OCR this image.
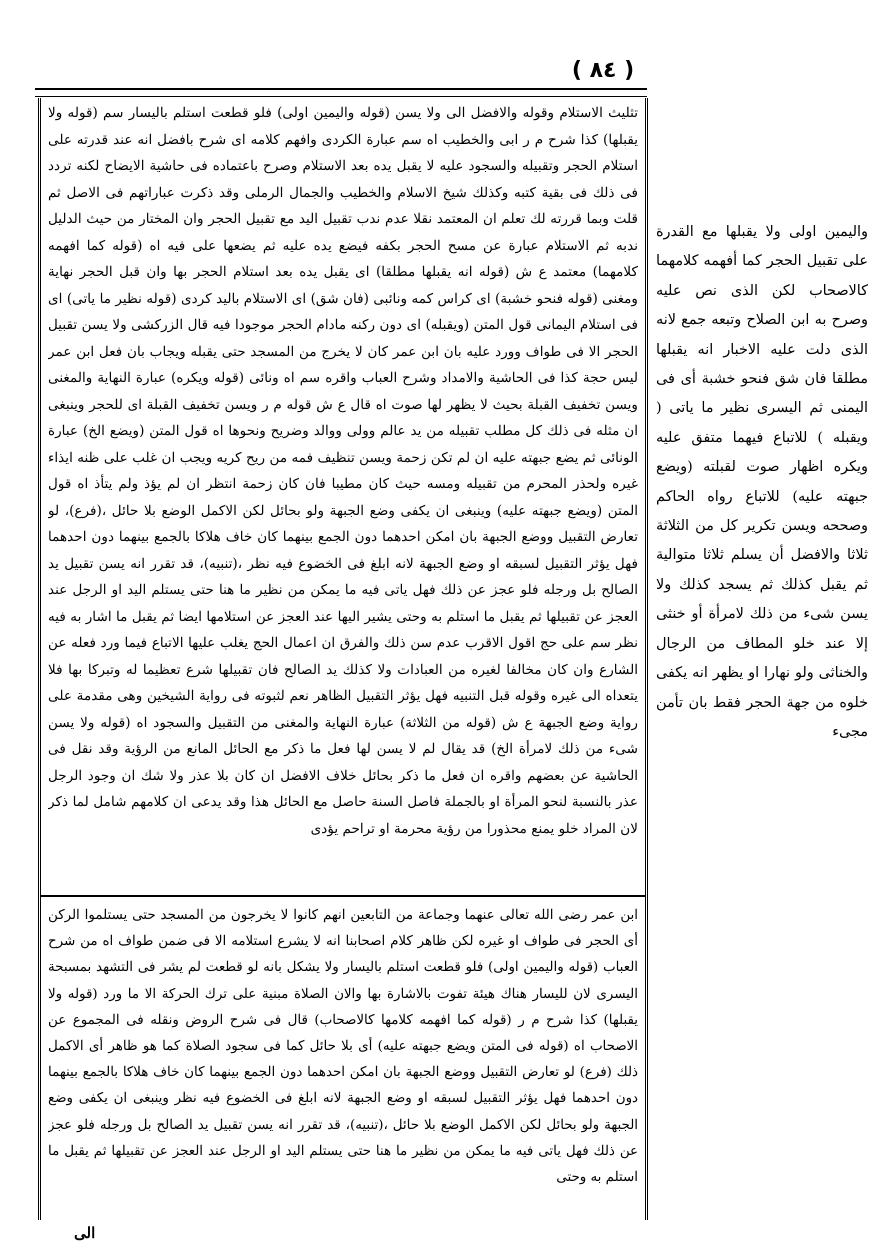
( ٨٤ )
تثليث الاستلام وقوله والافضل الى ولا يسن (قوله واليمين اولى) فلو قطعت استلم باليسار سم (قوله ولا يقبلها) كذا شرح م ر ابى والخطيب اه سم عبارة الكردى وافهم كلامه اى شرح بافضل انه عند قدرته على استلام الحجر وتقبيله والسجود عليه لا يقبل يده بعد الاستلام وصرح باعتماده فى حاشية الايضاح لكنه تردد فى ذلك فى بقية كتبه وكذلك شيخ الاسلام والخطيب والجمال الرملى وقد ذكرت عباراتهم فى الاصل ثم قلت وبما قررته لك تعلم ان المعتمد نقلا عدم ندب تقبيل اليد مع تقبيل الحجر وان المختار من حيث الدليل ندبه ثم الاستلام عبارة عن مسح الحجر بكفه فيضع يده عليه ثم يضعها على فيه اه (قوله كما افهمه كلامهما) معتمد ع ش (قوله انه يقبلها مطلقا) اى يقبل يده بعد استلام الحجر بها وان قبل الحجر نهاية ومغنى (قوله فنحو خشبة) اى كراس كمه ونائبى (فان شق) اى الاستلام باليد كردى (قوله نظير ما ياتى) اى فى استلام اليمانى قول المتن (ويقبله) اى دون ركنه مادام الحجر موجودا فيه قال الزركشى ولا يسن تقبيل الحجر الا فى طواف وورد عليه بان ابن عمر كان لا يخرج من المسجد حتى يقبله ويجاب بان فعل ابن عمر ليس حجة كذا فى الحاشية والامداد وشرح العباب واقره سم اه ونائى (قوله ويكره) عبارة النهاية والمغنى ويسن تخفيف القبلة بحيث لا يظهر لها صوت اه قال ع ش قوله م ر ويسن تخفيف القبلة اى للحجر وينبغى ان مثله فى ذلك كل مطلب تقبيله من يد عالم وولى ووالد وضريح ونحوها اه قول المتن (ويضع الخ) عبارة الونائى ثم يضع جبهته عليه ان لم تكن زحمة ويسن تنظيف فمه من ريح كريه ويجب ان غلب على ظنه ايذاء غيره ولحذر المحرم من تقبيله ومسه حيث كان مطيبا فان كان زحمة انتظر ان لم يؤذ ولم يتأذ اه قول المتن (ويضع جبهته عليه) وينبغى ان يكفى وضع الجبهة ولو بحائل لكن الاكمل الوضع بلا حائل ،(فرع)، لو تعارض التقبيل ووضع الجبهة بان امكن احدهما دون الجمع بينهما كان خاف هلاكا بالجمع بينهما دون احدهما فهل يؤثر التقبيل لسبقه او وضع الجبهة لانه ابلغ فى الخضوع فيه نظر ،(تنبيه)، قد تقرر انه يسن تقبيل يد الصالح بل ورجله فلو عجز عن ذلك فهل ياتى فيه ما يمكن من نظير ما هنا حتى يستلم اليد او الرجل عند العجز عن تقبيلها ثم يقبل ما استلم به وحتى يشير اليها عند العجز عن استلامها ايضا ثم يقبل ما اشار به فيه نظر سم على حج اقول الاقرب عدم سن ذلك والفرق ان اعمال الحج يغلب عليها الاتباع فيما ورد فعله عن الشارع وان كان مخالفا لغيره من العبادات ولا كذلك يد الصالح فان تقبيلها شرع تعظيما له وتبركا بها فلا يتعداه الى غيره وقوله قبل التنبيه فهل يؤثر التقبيل الظاهر نعم لثبوته فى رواية الشيخين وهى مقدمة على رواية وضع الجبهة ع ش (قوله من الثلاثة) عبارة النهاية والمغنى من التقبيل والسجود اه (قوله ولا يسن شىء من ذلك لامرأة الخ) قد يقال لم لا يسن لها فعل ما ذكر مع الحائل المانع من الرؤية وقد نقل فى الحاشية عن بعضهم واقره ان فعل ما ذكر بحائل خلاف الافضل ان كان بلا عذر ولا شك ان وجود الرجل عذر بالنسبة لنحو المرأة او بالجملة فاصل السنة حاصل مع الحائل هذا وقد يدعى ان كلامهم شامل لما ذكر لان المراد خلو يمنع محذورا من رؤية محرمة او تراحم يؤدى
ابن عمر رضى الله تعالى عنهما وجماعة من التابعين انهم كانوا لا يخرجون من المسجد حتى يستلموا الركن أى الحجر فى طواف او غيره لكن ظاهر كلام اصحابنا انه لا يشرع استلامه الا فى ضمن طواف اه من شرح العباب (قوله واليمين اولى) فلو قطعت استلم باليسار ولا يشكل بانه لو قطعت لم يشر فى التشهد بمسبحة اليسرى لان لليسار هناك هيئة تفوت بالاشارة بها والان الصلاة مبنية على ترك الحركة الا ما ورد (قوله ولا يقبلها) كذا شرح م ر (قوله كما افهمه كلامها كالاصحاب) قال فى شرح الروض ونقله فى المجموع عن الاصحاب اه (قوله فى المتن ويضع جبهته عليه) أى بلا حائل كما فى سجود الصلاة كما هو ظاهر أى الاكمل ذلك (فرع) لو تعارض التقبيل ووضع الجبهة بان امكن احدهما دون الجمع بينهما كان خاف هلاكا بالجمع بينهما دون احدهما فهل يؤثر التقبيل لسبقه او وضع الجبهة لانه ابلغ فى الخضوع فيه نظر وينبغى ان يكفى وضع الجبهة ولو بحائل لكن الاكمل الوضع بلا حائل ،(تنبيه)، قد تقرر انه يسن تقبيل يد الصالح بل ورجله فلو عجز عن ذلك فهل ياتى فيه ما يمكن من نظير ما هنا حتى يستلم اليد او الرجل عند العجز عن تقبيلها ثم يقبل ما استلم به وحتى
واليمين اولى ولا يقبلها مع القدرة على تقبيل الحجر كما أفهمه كلامهما كالاصحاب لكن الذى نص عليه وصرح به ابن الصلاح وتبعه جمع لانه الذى دلت عليه الاخبار انه يقبلها مطلقا فان شق فنحو خشبة أى فى اليمنى ثم اليسرى نظير ما ياتى ( ويقبله ) للاتباع فيهما متفق عليه ويكره اظهار صوت لقبلته (ويضع جبهته عليه) للاتباع رواه الحاكم وصححه ويسن تكرير كل من الثلاثة ثلاثا والافضل أن يسلم ثلاثا متوالية ثم يقبل كذلك ثم يسجد كذلك ولا يسن شىء من ذلك لامرأة أو خنثى إلا عند خلو المطاف من الرجال والخناثى ولو نهارا او يظهر انه يكفى خلوه من جهة الحجر فقط بان تأمن مجىء
الى
